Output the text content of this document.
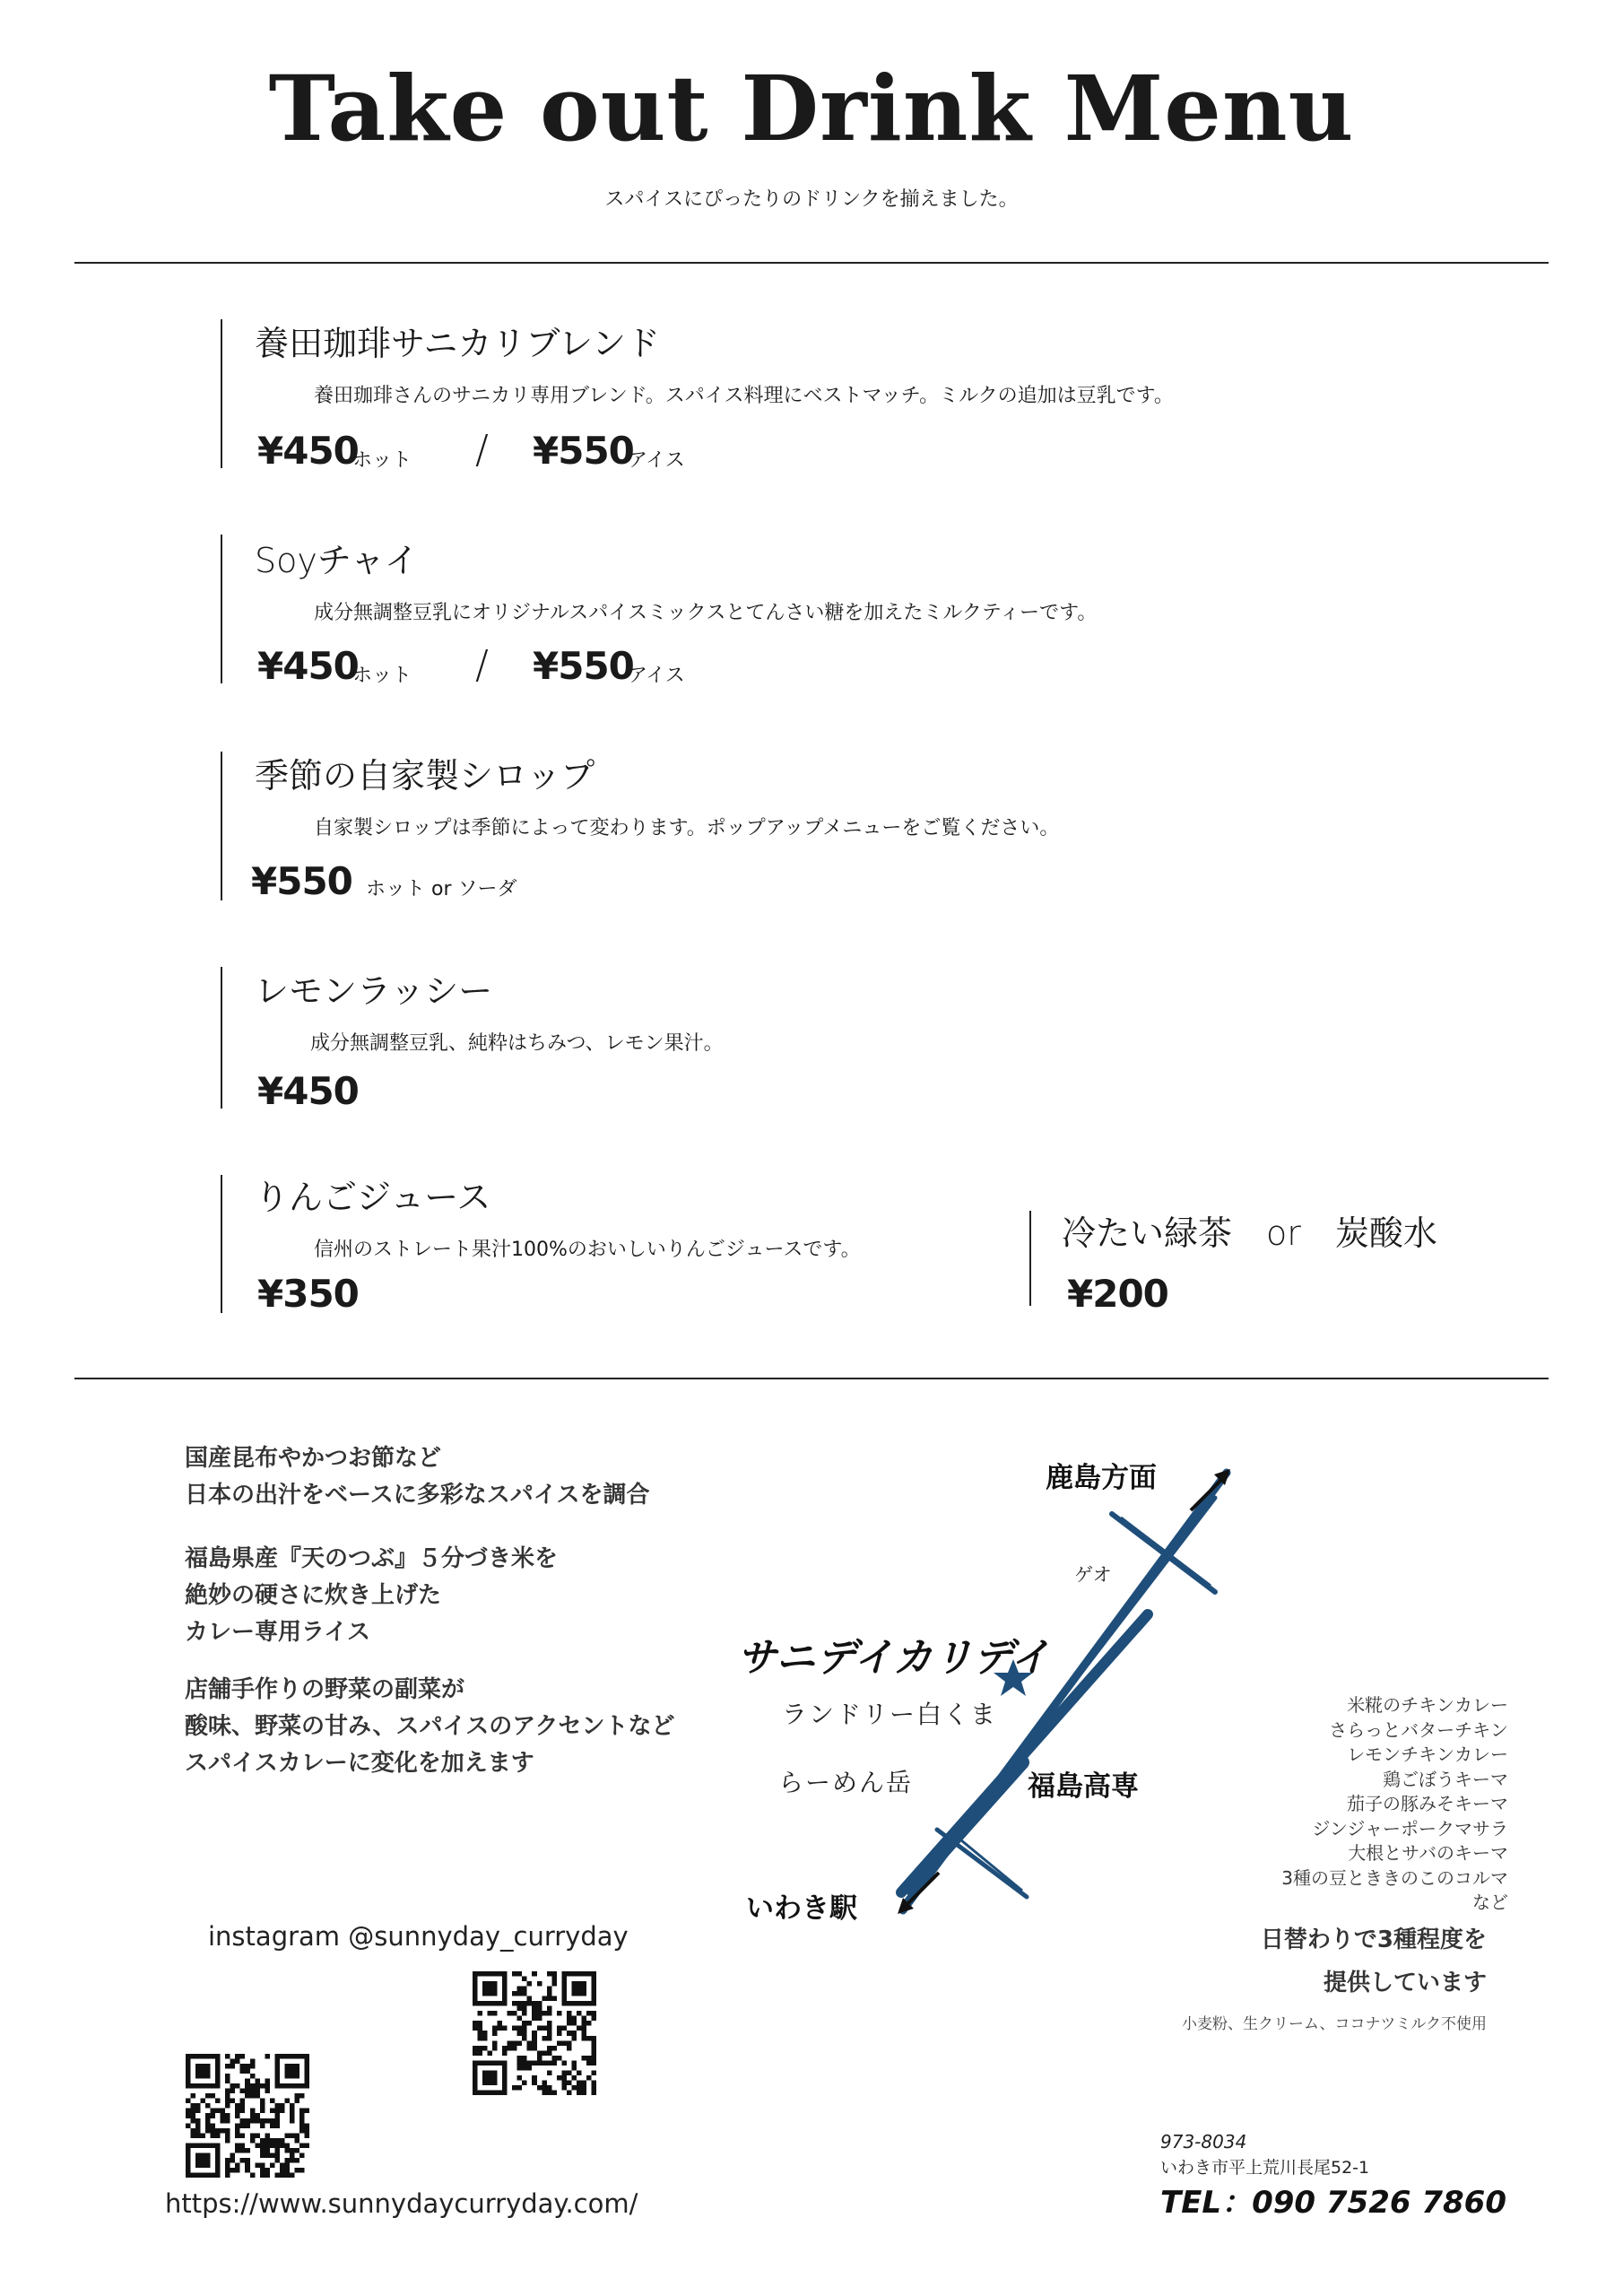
Take out Drink Menu
スパイスにぴったりのドリンクを揃えました。
養田珈琲サニカリブレンド
養田珈琲さんのサニカリ専用ブレンド。スパイス料理にベストマッチ。ミルクの追加は豆乳です。
¥450
ホット / ¥550
アイス
Soyチャイ
成分無調整豆乳にオリジナルスパイスミックスとてんさい糖を加えたミルクティーです。
¥450
ホット / ¥550
アイス
季節の自家製シロップ
自家製シロップは季節によって変わります。ポップアップメニューをご覧ください。
¥550 ホット or ソーダ
レモンラッシー
成分無調整豆乳、純粋はちみつ、レモン果汁。
¥450
りんごジュース
信州のストレート果汁100%のおいしいりんごジュースです。
¥350
冷たい緑茶　or　炭酸水
¥200
国産昆布やかつお節など
日本の出汁をベースに多彩なスパイスを調合
福島県産『天のつぶ』５分づき米を
絶妙の硬さに炊き上げた
カレー専用ライス
店舗手作りの野菜の副菜が
酸味、野菜の甘み、スパイスのアクセントなど
スパイスカレーに変化を加えます
鹿島方面
ゲオ
サニデイカリデイ
ランドリー白くま
らーめん岳	福島高専
いわき駅
米糀のチキンカレー
さらっとバターチキン
レモンチキンカレー
鶏ごぼうキーマ
茄子の豚みそキーマ
ジンジャーポークマサラ
大根とサバのキーマ
3種の豆とききのこのコルマ
など
日替わりで3種程度を
提供しています
小麦粉、生クリーム、ココナツミルク不使用
instagram @sunnyday_curryday
https://www.sunnydaycurryday.com/
973-8034
いわき市平上荒川長尾52-1
TEL：090 7526 7860
